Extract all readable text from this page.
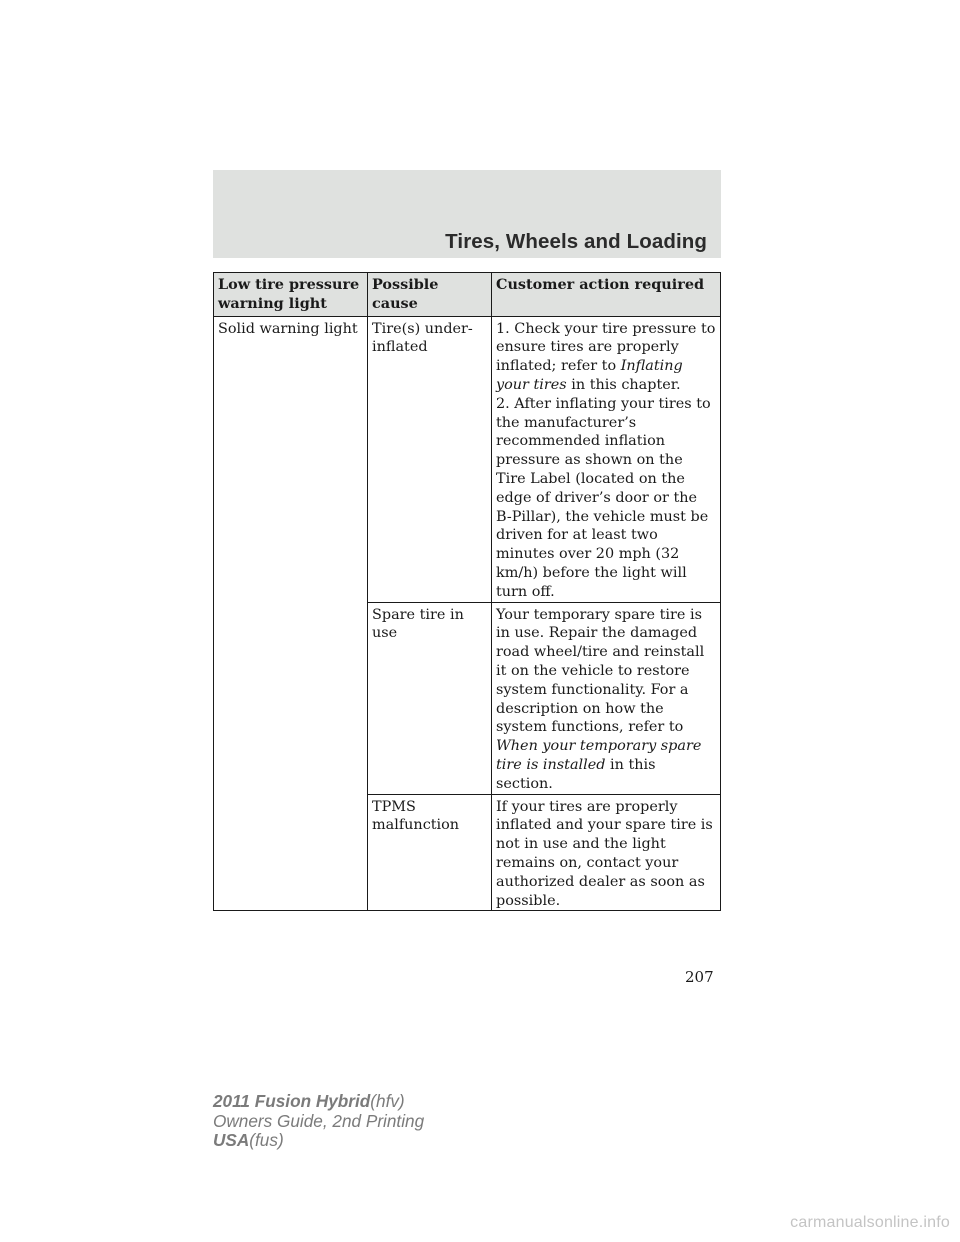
Tires, Wheels and Loading
Low tire pressure warning light	Possible cause	Customer action required
Solid warning light	Tire(s) under-inflated	1. Check your tire pressure to ensure tires are properly inflated; refer to Inflating your tires in this chapter.
2. After inflating your tires to the manufacturer’s recommended inflation pressure as shown on the Tire Label (located on the edge of driver’s door or the B-Pillar), the vehicle must be driven for at least two minutes over 20 mph (32 km/h) before the light will turn off.

	Spare tire in use	Your temporary spare tire is in use. Repair the damaged road wheel/tire and reinstall it on the vehicle to restore system functionality. For a description on how the system functions, refer to When your temporary spare tire is installed in this section.
	TPMS malfunction	If your tires are properly inflated and your spare tire is not in use and the light remains on, contact your authorized dealer as soon as possible.
207
2011 Fusion Hybrid(hfv)
Owners Guide, 2nd Printing
USA(fus)
carmanualsonline.info
